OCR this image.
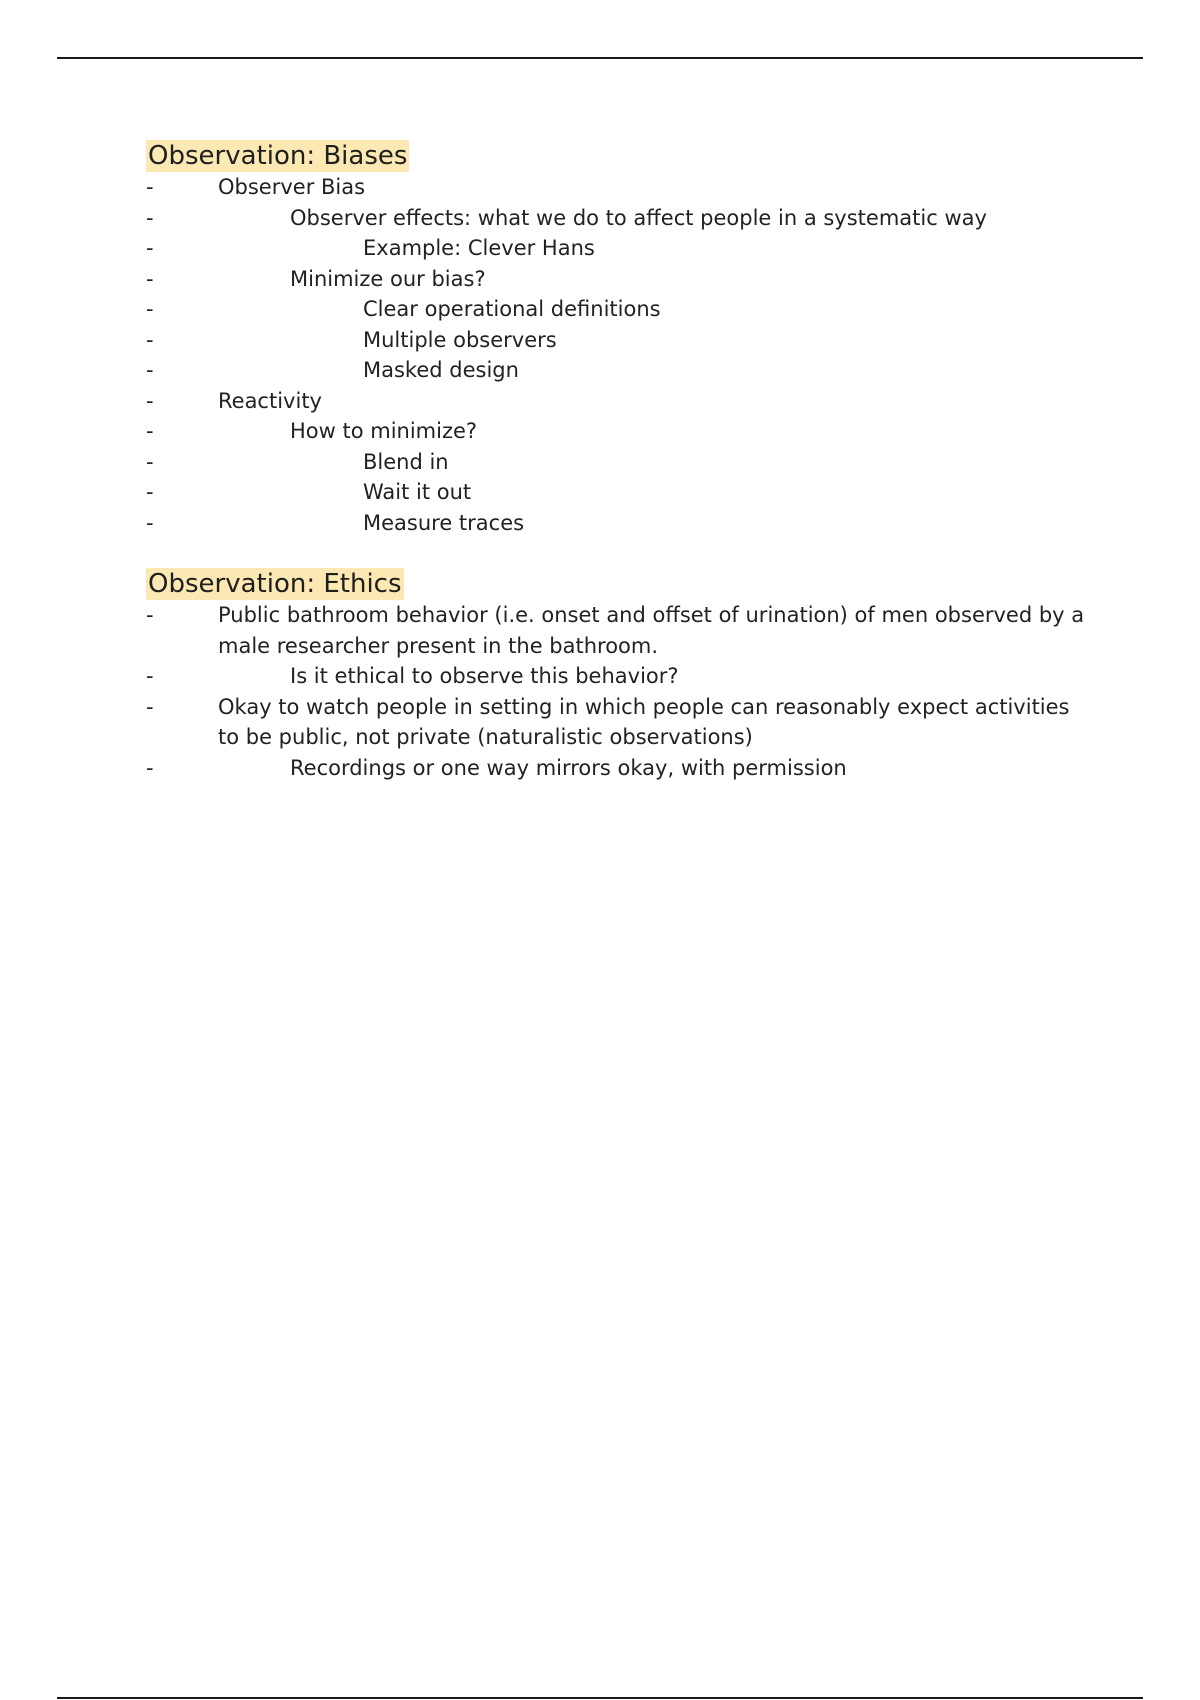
Observation: Biases
-	Observer Bias
-	Observer effects: what we do to affect people in a systematic way
-	Example: Clever Hans
-	Minimize our bias?
-	Clear operational definitions
-	Multiple observers
-	Masked design
-	Reactivity
-	How to minimize?
-	Blend in
-	Wait it out
-	Measure traces
Observation: Ethics
-	Public bathroom behavior (i.e. onset and offset of urination) of men observed by a male researcher present in the bathroom.
-	Is it ethical to observe this behavior?
-	Okay to watch people in setting in which people can reasonably expect activities to be public, not private (naturalistic observations)
-	Recordings or one way mirrors okay, with permission
